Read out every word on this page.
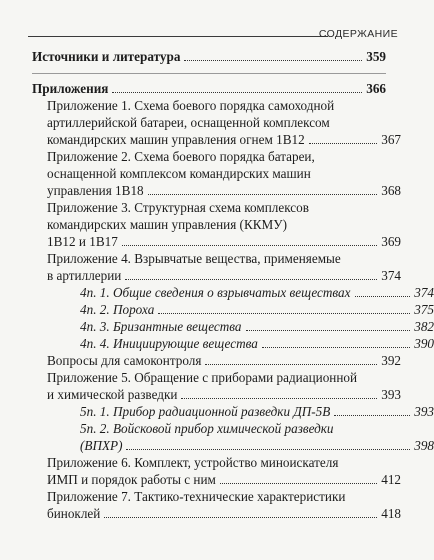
СОДЕРЖАНИЕ
Источники и литература	359
Приложения	366
Приложение 1. Схема боевого порядка самоходной
артиллерийской батареи, оснащенной комплексом
командирских машин управления огнем 1В12	367
Приложение 2. Схема боевого порядка батареи,
оснащенной комплексом командирских машин
управления 1В18	368
Приложение 3. Структурная схема комплексов
командирских машин управления (ККМУ)
1В12 и 1В17	369
Приложение 4. Взрывчатые вещества, применяемые
в артиллерии	374
4п. 1. Общие сведения о взрывчатых веществах	374
4п. 2. Пороха	375
4п. 3. Бризантные вещества	382
4п. 4. Инициирующие вещества	390
Вопросы для самоконтроля	392
Приложение 5. Обращение с приборами радиационной
и химической разведки	393
5п. 1. Прибор радиационной разведки ДП-5В	393
5п. 2. Войсковой прибор химической разведки
(ВПХР)	398
Приложение 6. Комплект, устройство миноискателя
ИМП и порядок работы с ним	412
Приложение 7. Тактико-технические характеристики
биноклей	418
